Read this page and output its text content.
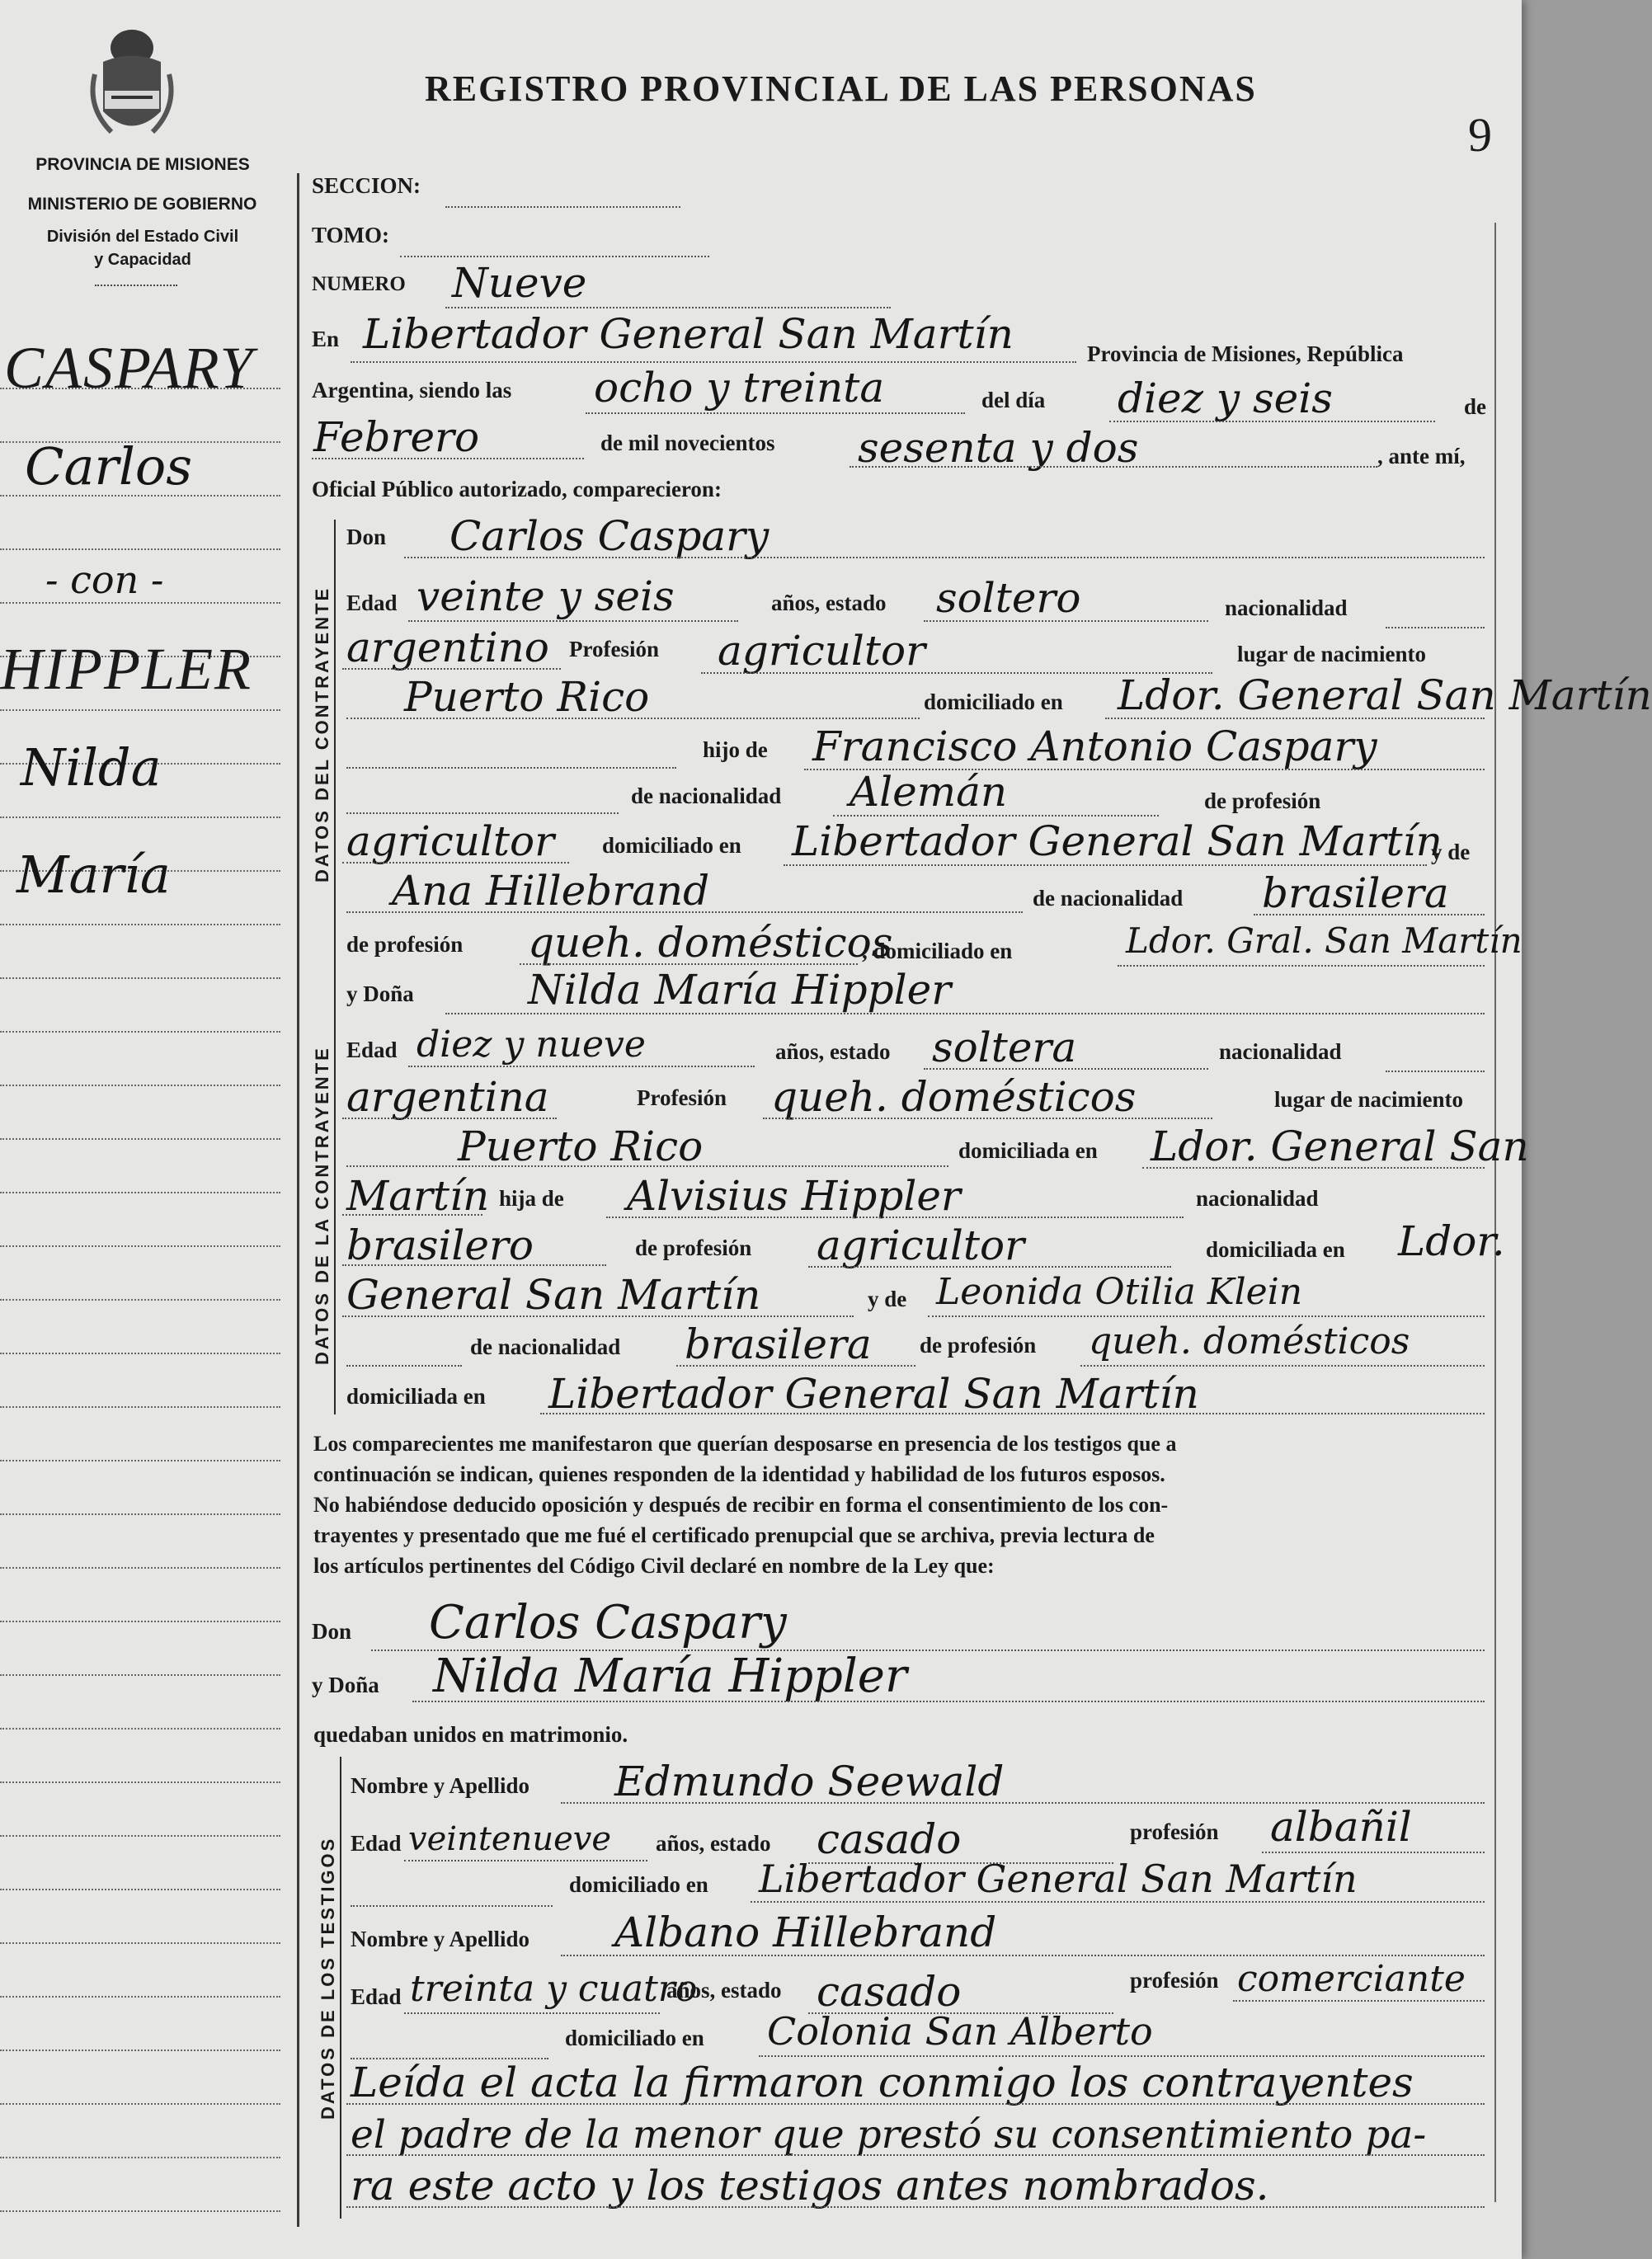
PROVINCIA DE MISIONES
MINISTERIO DE GOBIERNO
División del Estado Civil
y Capacidad
REGISTRO PROVINCIAL DE LAS PERSONAS
9
CASPARY
Carlos
- con -
HIPPLER
Nilda
María
SECCION:
TOMO:
NUMERO Nueve
En Libertador General San Martín	Provincia de Misiones, República
Argentina, siendo las ocho y treinta	del día diez y seis	de
Febrero	de mil novecientos sesenta y dos	, ante mí,
Oficial Público autorizado, comparecieron:
DATOS DEL CONTRAYENTE
Don Carlos Caspary
Edad veinte y seis	años, estado soltero	nacionalidad
argentino Profesión agricultor	lugar de nacimiento
Puerto Rico	domiciliado en Ldor. General San Martín
hijo de Francisco Antonio Caspary
de nacionalidad Alemán	de profesión
agricultor domiciliado en Libertador General San Martín
y de
Ana Hillebrand	de nacionalidad brasilera
de profesión queh. domésticos
, domiciliado en	Ldor. Gral. San Martín
DATOS DE LA CONTRAYENTE
y Doña	Nilda María Hippler
Edad diez y nueve	años, estado soltera	nacionalidad
argentina	Profesión queh. domésticos	lugar de nacimiento
Puerto Rico	domiciliada en Ldor. General San
Martín hija de Alvisius Hippler	nacionalidad
brasilero	de profesión agricultor	domiciliada en Ldor.
General San Martín	y de Leonida Otilia Klein
de nacionalidad brasilera de profesión queh. domésticos
domiciliada en Libertador General San Martín
Los comparecientes me manifestaron que querían desposarse en presencia de los testigos que a
continuación se indican, quienes responden de la identidad y habilidad de los futuros esposos.
No habiéndose deducido oposición y después de recibir en forma el consentimiento de los con-
trayentes y presentado que me fué el certificado prenupcial que se archiva, previa lectura de
los artículos pertinentes del Código Civil declaré en nombre de la Ley que:
Don Carlos Caspary
y Doña Nilda María Hippler
quedaban unidos en matrimonio.
DATOS DE LOS TESTIGOS
Nombre y Apellido Edmundo Seewald
Edad veintenueve años, estado casado	profesión albañil
domiciliado en Libertador General San Martín
Nombre y Apellido Albano Hillebrand
Edad treinta y cuatro
años, estado casado	profesión comerciante
domiciliado en Colonia San Alberto
Leída el acta la firmaron conmigo los contrayentes
el padre de la menor que prestó su consentimiento pa-
ra este acto y los testigos antes nombrados.
